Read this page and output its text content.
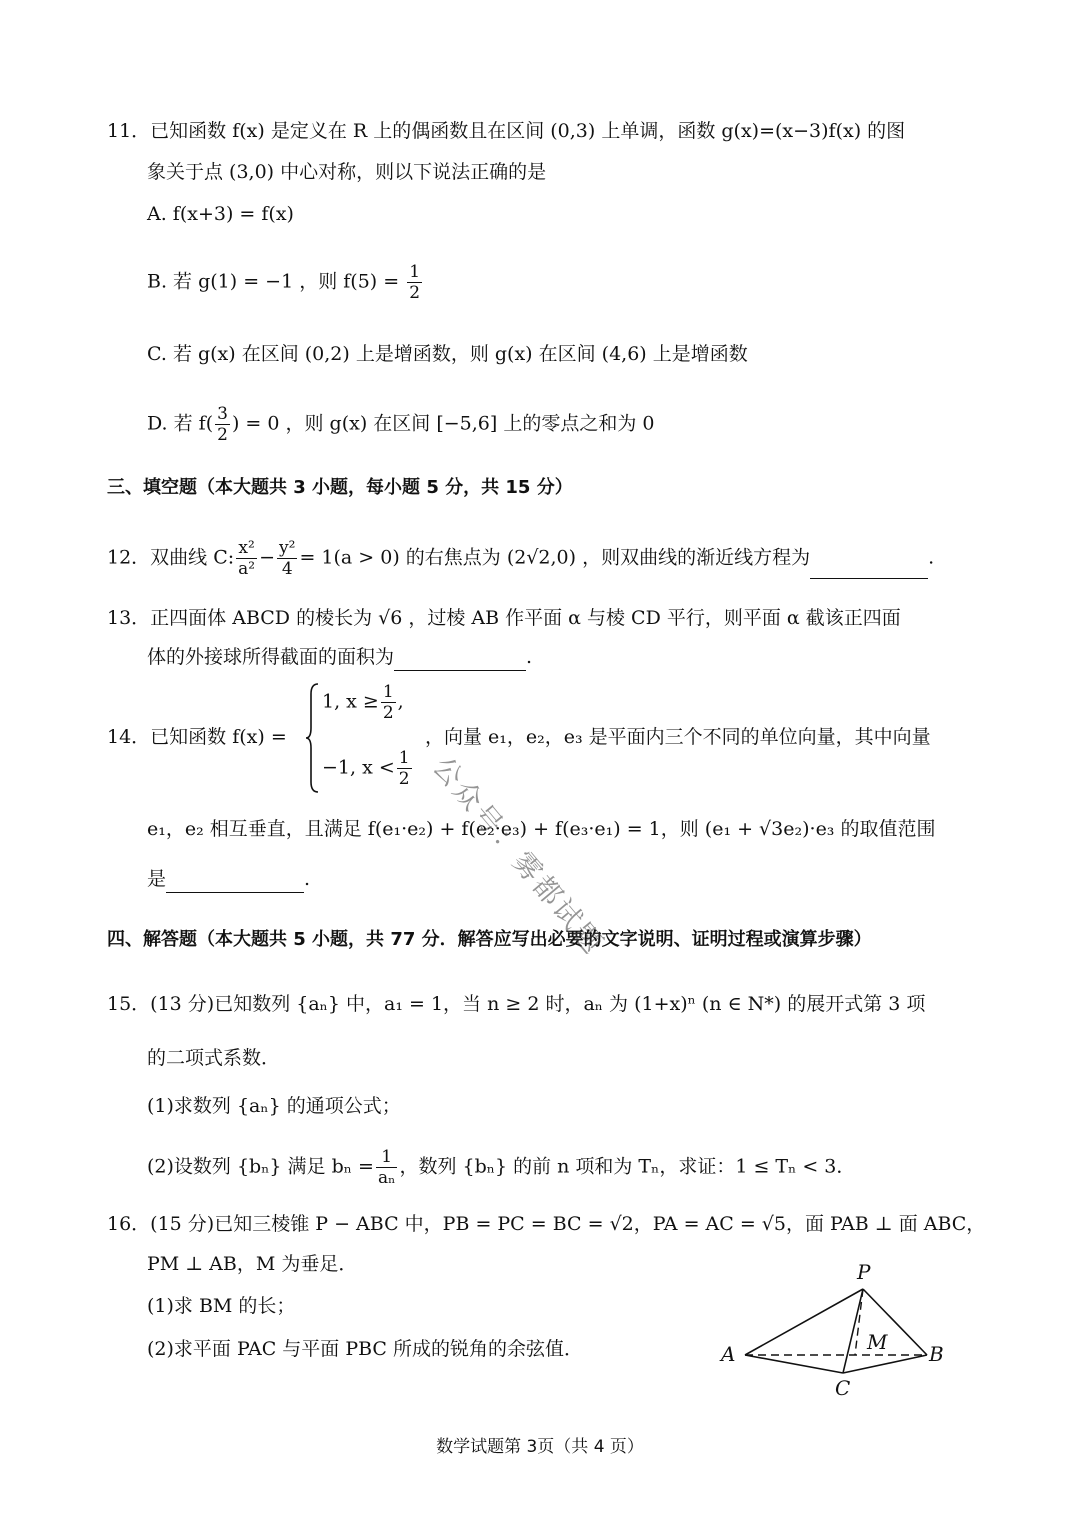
11．已知函数 f(x) 是定义在 R 上的偶函数且在区间 (0,3) 上单调，函数 g(x)=(x−3)f(x) 的图
象关于点 (3,0) 中心对称，则以下说法正确的是
A. f(x+3) = f(x)
B. 若 g(1) = −1 ，则 $f(5) = \frac{1}{2}$
C. 若 g(x) 在区间 (0,2) 上是增函数，则 g(x) 在区间 (4,6) 上是增函数
D. 若 $f( \frac{3}{2}$ ) = 0 ，则 g(x) 在区间 [−5,6] 上的零点之和为 0
三、填空题（本大题共 3 小题，每小题 5 分，共 15 分）
12．双曲线 C: $\frac{\text{x²}}{\text{a²}} - \frac{\text{y²}}{4} = 1(a > 0)$ 的右焦点为 (2√2,0) ，则双曲线的渐近线方程为	.
13．正四面体 ABCD 的棱长为 √6 ，过棱 AB 作平面 α 与棱 CD 平行，则平面 α 截该正四面
体的外接球所得截面的面积为	.
14．已知函数 f(x) =
1, $x \ge \frac{1}{2}$ ,
−1, $x < \frac{1}{2}$
，向量 e₁，e₂，e₃ 是平面内三个不同的单位向量，其中向量
e₁，e₂ 相互垂直，且满足 f(e₁·e₂) + f(e₂·e₃) + f(e₃·e₁) = 1，则 (e₁ + √3e₂)·e₃ 的取值范围
是	.
四、解答题（本大题共 5 小题，共 77 分．解答应写出必要的文字说明、证明过程或演算步骤）
15．(13 分)已知数列 {aₙ} 中，a₁ = 1，当 n ≥ 2 时，aₙ 为 (1+x)ⁿ (n ∈ N*) 的展开式第 3 项
的二项式系数．
(1)求数列 {aₙ} 的通项公式；
(2)设数列 {bₙ} 满足 $b_n = \frac{1}{\text{aₙ}}$ ，数列 {bₙ} 的前 n 项和为 Tₙ，求证：1 ≤ Tₙ < 3．
16．(15 分)已知三棱锥 P − ABC 中，PB = PC = BC = √2，PA = AC = √5，面 PAB ⊥ 面 ABC，
PM ⊥ AB，M 为垂足．
(1)求 BM 的长；
(2)求平面 PAC 与平面 PBC 所成的锐角的余弦值．
P
A	B
C
M
公众号：雾都试题
数学试题第 3页（共 4 页）
